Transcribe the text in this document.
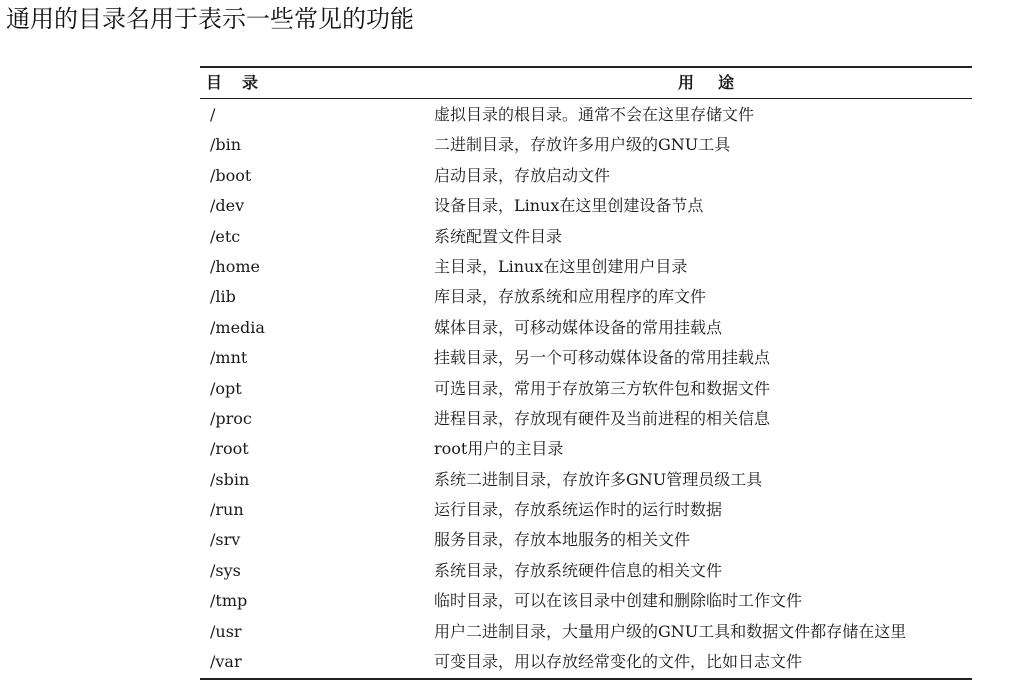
通用的目录名用于表示一些常见的功能
目录	用途
/	虚拟目录的根目录。通常不会在这里存储文件
/bin	二进制目录，存放许多用户级的GNU工具
/boot	启动目录，存放启动文件
/dev	设备目录，Linux在这里创建设备节点
/etc	系统配置文件目录
/home	主目录，Linux在这里创建用户目录
/lib	库目录，存放系统和应用程序的库文件
/media	媒体目录，可移动媒体设备的常用挂载点
/mnt	挂载目录，另一个可移动媒体设备的常用挂载点
/opt	可选目录，常用于存放第三方软件包和数据文件
/proc	进程目录，存放现有硬件及当前进程的相关信息
/root	root用户的主目录
/sbin	系统二进制目录，存放许多GNU管理员级工具
/run	运行目录，存放系统运作时的运行时数据
/srv	服务目录，存放本地服务的相关文件
/sys	系统目录，存放系统硬件信息的相关文件
/tmp	临时目录，可以在该目录中创建和删除临时工作文件
/usr	用户二进制目录，大量用户级的GNU工具和数据文件都存储在这里
/var	可变目录，用以存放经常变化的文件，比如日志文件
